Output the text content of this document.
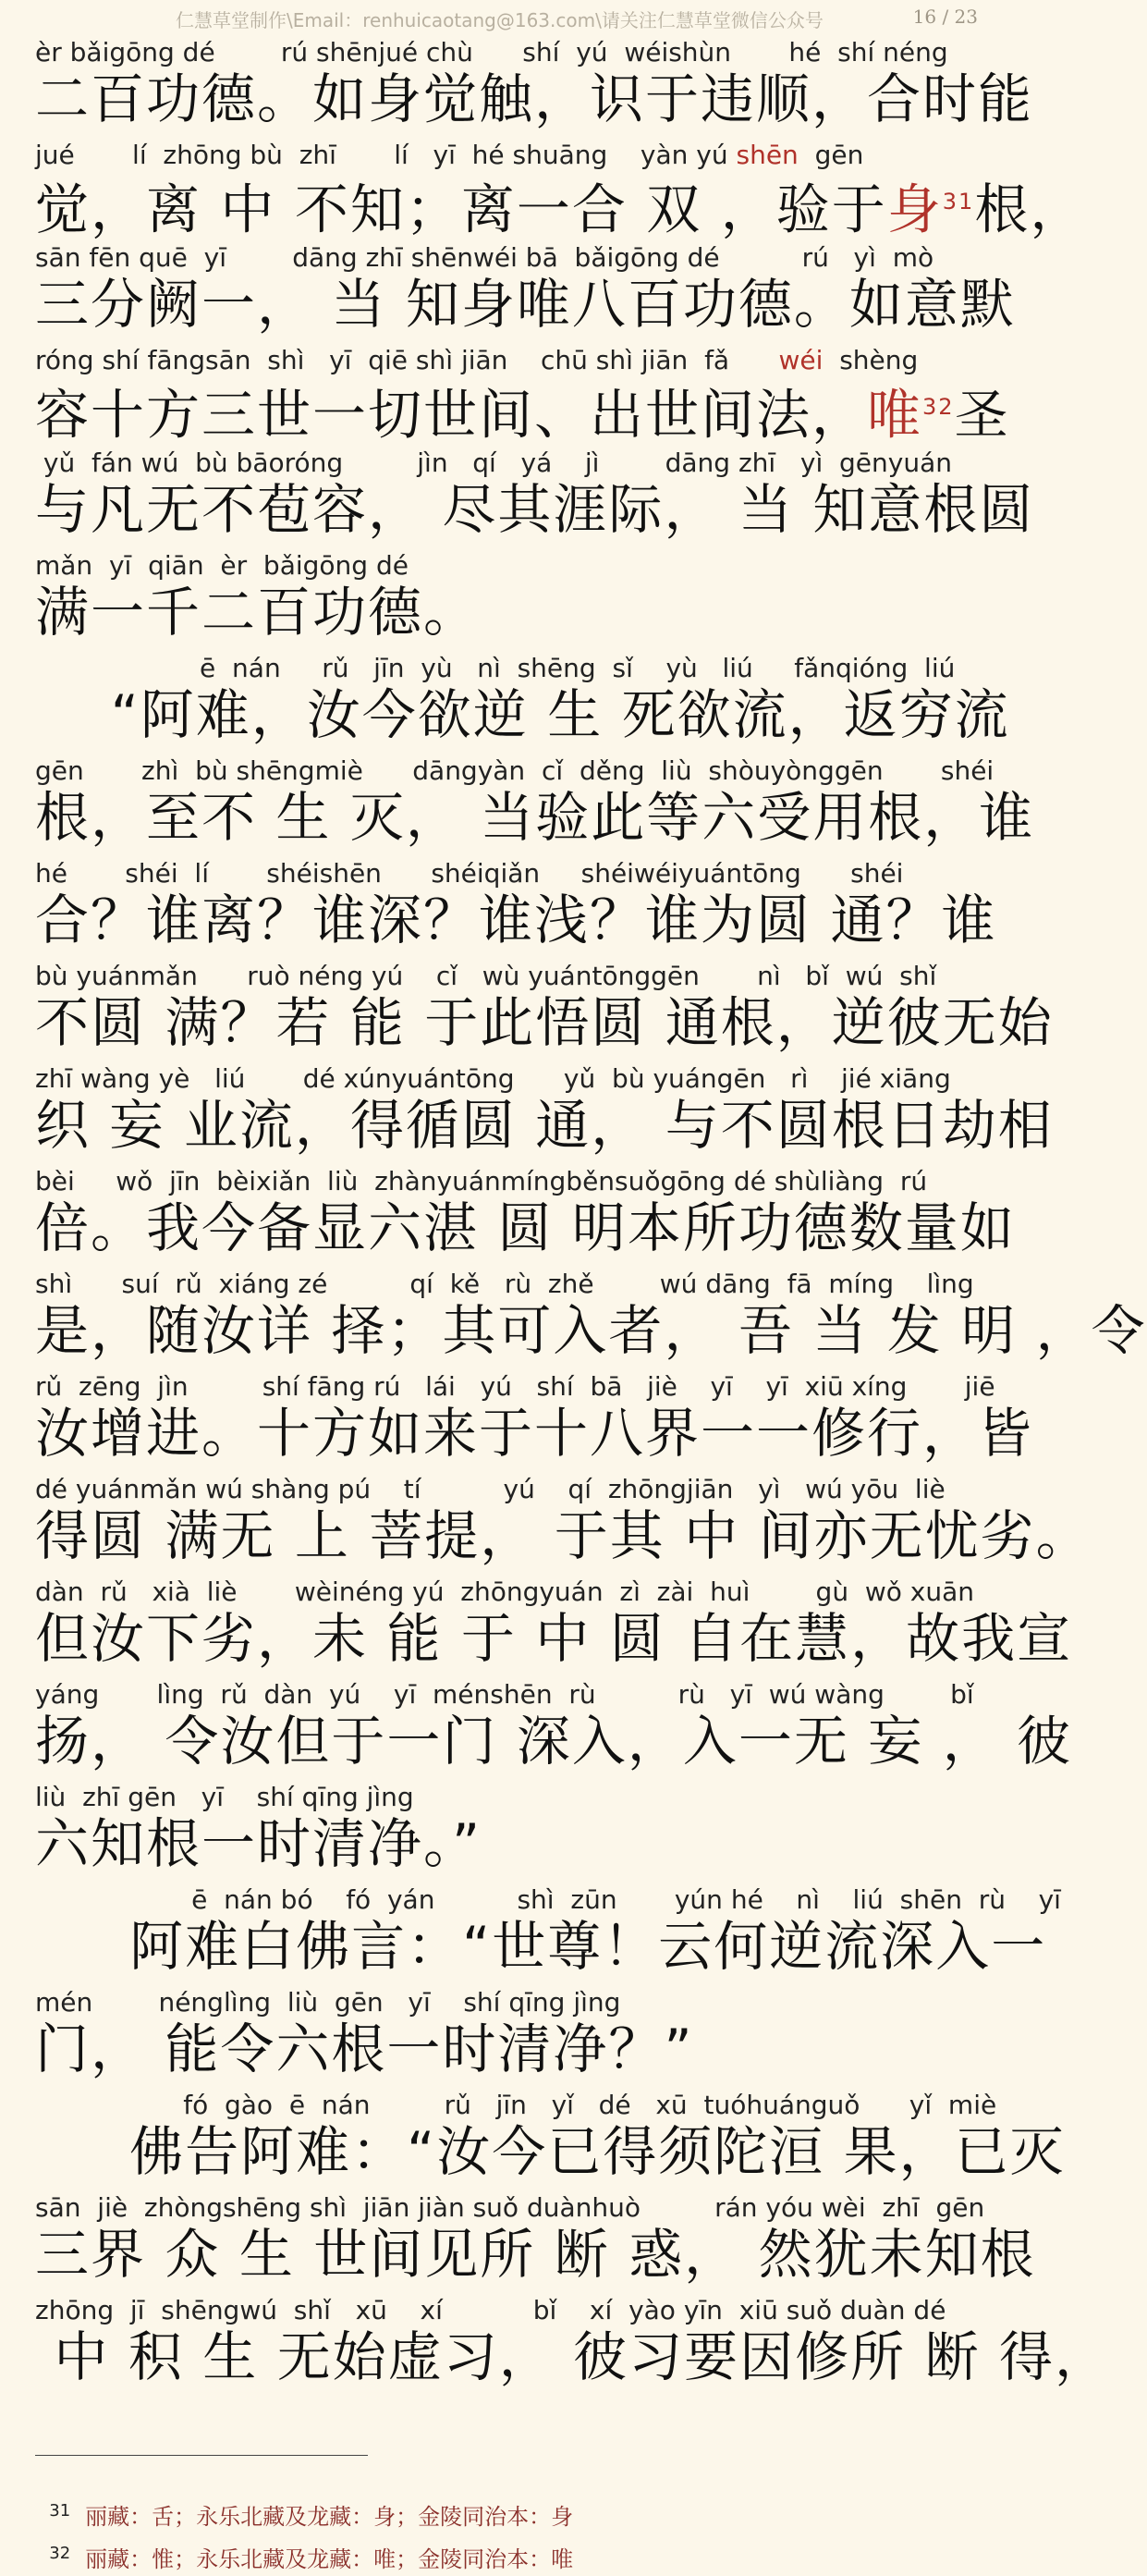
仁慧草堂制作\Email：renhuicaotang@163.com\请关注仁慧草堂微信公众号	16 / 23
èr bǎigōng dé        rú shēnjué chù      shí  yú  wéishùn       hé  shí néng
二百功德。如身觉触，识于违顺，合时能
jué       lí  zhōng bù  zhī       lí   yī  hé shuāng    yàn yú shēn  gēn
觉，离 中 不知；离一合 双 ，验于身$^{31}$根，
sān fēn quē  yī        dāng zhī shēnwéi bā  bǎigōng dé          rú   yì  mò
三分阙一， 当 知身唯八百功德。如意默
róng shí fāngsān  shì   yī  qiē shì jiān    chū shì jiān  fǎ      wéi  shèng
容十方三世一切世间、出世间法，唯$^{32}$圣
yǔ  fán wú  bù bāoróng         jìn   qí   yá    jì        dāng zhī   yì  gēnyuán
与凡无不苞容， 尽其涯际， 当 知意根圆
mǎn  yī  qiān  èr  bǎigōng dé
满一千二百功德。
ē  nán     rǔ   jīn  yù   nì  shēng  sǐ    yù   liú     fǎnqióng  liú
“阿难，汝今欲逆 生 死欲流，返穷流
gēn       zhì  bù shēngmiè      dāngyàn  cǐ  děng  liù  shòuyònggēn       shéi
根，至不 生 灭， 当验此等六受用根，谁
hé       shéi  lí       shéishēn      shéiqiǎn     shéiwéiyuántōng      shéi
合？谁离？谁深？谁浅？谁为圆 通？谁
bù yuánmǎn      ruò néng yú    cǐ   wù yuántōnggēn       nì   bǐ  wú  shǐ
不圆 满？若 能 于此悟圆 通根，逆彼无始
zhī wàng yè   liú       dé xúnyuántōng      yǔ  bù yuángēn   rì    jié xiāng
织 妄 业流，得循圆 通， 与不圆根日劫相
bèi     wǒ  jīn  bèixiǎn  liù  zhànyuánmíngběnsuǒgōng dé shùliàng  rú
倍。我今备显六湛 圆 明本所功德数量如
shì      suí  rǔ  xiáng zé          qí  kě   rù  zhě        wú dāng  fā  míng    lìng
是，随汝详 择；其可入者， 吾 当 发 明 ，令
rǔ  zēng  jìn         shí fāng rú   lái   yú   shí  bā   jiè    yī    yī  xiū xíng       jiē
汝增进。十方如来于十八界一一修行，皆
dé yuánmǎn wú shàng pú    tí          yú    qí  zhōngjiān   yì   wú yōu  liè
得圆 满无 上 菩提， 于其 中 间亦无忧劣。
dàn  rǔ   xià  liè       wèinéng yú  zhōngyuán  zì  zài  huì        gù  wǒ xuān
但汝下劣，未 能 于 中 圆 自在慧，故我宣
yáng       lìng  rǔ  dàn  yú    yī  ménshēn  rù          rù   yī  wú wàng        bǐ
扬， 令汝但于一门 深入，入一无 妄 ， 彼
liù  zhī gēn   yī    shí qīng jìng
六知根一时清净。”
ē  nán bó    fó  yán          shì  zūn       yún hé    nì    liú  shēn  rù    yī
阿难白佛言：“世尊！云何逆流深入一
mén        nénglìng  liù  gēn   yī    shí qīng jìng
门， 能令六根一时清净？”
fó  gào  ē  nán         rǔ   jīn   yǐ   dé   xū  tuóhuánguǒ      yǐ  miè
佛告阿难：“汝今已得须陀洹 果，已灭
sān  jiè  zhòngshēng shì  jiān jiàn suǒ duànhuò         rán yóu wèi  zhī  gēn
三界 众 生 世间见所 断 惑， 然犹未知根
zhōng  jī  shēngwú  shǐ   xū    xí           bǐ    xí  yào yīn  xiū suǒ duàn dé
中 积 生 无始虚习， 彼习要因修所 断 得，

$^{31}$ 丽藏：舌；永乐北藏及龙藏：身；金陵同治本：身

$^{32}$ 丽藏：惟；永乐北藏及龙藏：唯；金陵同治本：唯
